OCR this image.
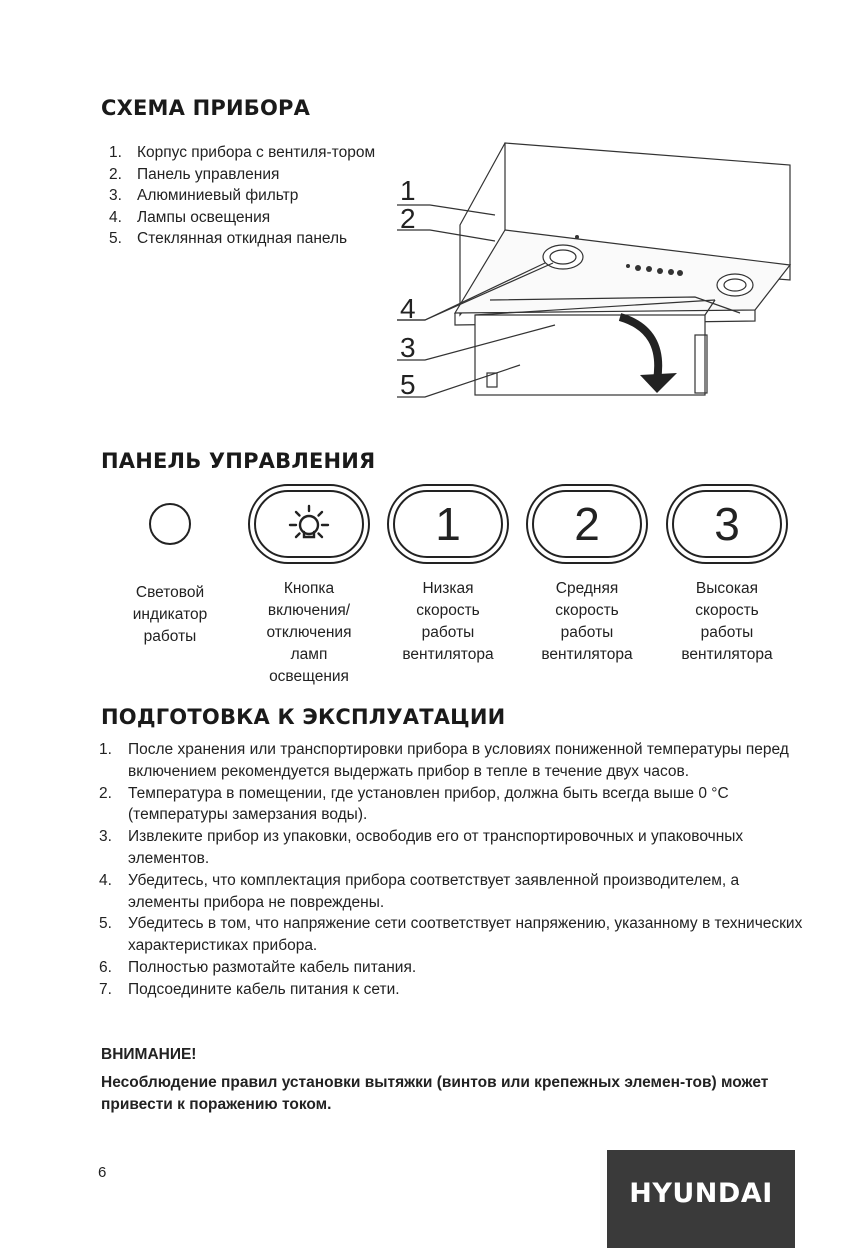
СХЕМА ПРИБОРА
1. Корпус прибора с вентиля-тором
2. Панель управления
3. Алюминиевый фильтр
4. Лампы освещения
5. Стеклянная откидная панель
1
2
4
3
5
ПАНЕЛЬ УПРАВЛЕНИЯ
Световой
индикатор
работы
Кнопка
включения/
отключения
ламп
освещения
1
Низкая
скорость
работы
вентилятора
2
Средняя
скорость
работы
вентилятора
3
Высокая
скорость
работы
вентилятора
ПОДГОТОВКА К ЭКСПЛУАТАЦИИ
1. После хранения или транспортировки прибора в условиях пониженной температуры перед включением рекомендуется выдержать прибор в тепле в течение двух часов.
2. Температура в помещении, где установлен прибор, должна быть всегда выше 0 °C (температуры замерзания воды).
3. Извлеките прибор из упаковки, освободив его от транспортировочных и упаковочных элементов.
4. Убедитесь, что комплектация прибора соответствует заявленной производителем, а элементы прибора не повреждены.
5. Убедитесь в том, что напряжение сети соответствует напряжению, указанному в технических характеристиках прибора.
6. Полностью размотайте кабель питания.
7. Подсоедините кабель питания к сети.
ВНИМАНИЕ!
Несоблюдение правил установки вытяжки (винтов или крепежных элемен-тов) может привести к поражению током.
6
HYUNDAI
